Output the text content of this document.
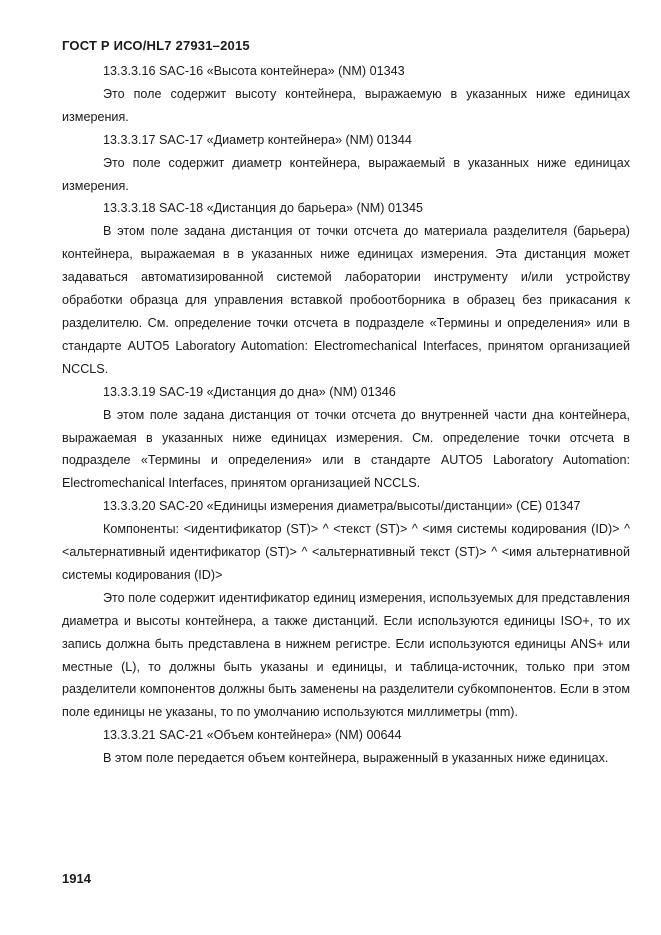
ГОСТ Р ИСО/HL7 27931–2015

13.3.3.16 SAC-16 «Высота контейнера» (NM) 01343

Это поле содержит высоту контейнера, выражаемую в указанных ниже единицах измерения.

13.3.3.17 SAC-17 «Диаметр контейнера» (NM) 01344

Это поле содержит диаметр контейнера, выражаемый в указанных ниже единицах измерения.

13.3.3.18 SAC-18 «Дистанция до барьера» (NM) 01345

В этом поле задана дистанция от точки отсчета до материала разделителя (барьера) контейнера, выражаемая в в указанных ниже единицах измерения. Эта дистанция может задаваться автоматизированной системой лаборатории инструменту и/или устройству обработки образца для управления вставкой пробоотборника в образец без прикасания к разделителю. См. определение точки отсчета в подразделе «Термины и определения» или в стандарте AUTO5 Laboratory Automation: Electromechanical Interfaces, принятом организацией NCCLS.

13.3.3.19 SAC-19 «Дистанция до дна» (NM) 01346

В этом поле задана дистанция от точки отсчета до внутренней части дна контейнера, выражаемая в указанных ниже единицах измерения. См. определение точки отсчета в подразделе «Термины и определения» или в стандарте AUTO5 Laboratory Automation: Electromechanical Interfaces, принятом организацией NCCLS.

13.3.3.20 SAC-20 «Единицы измерения диаметра/высоты/дистанции» (CE) 01347

Компоненты: <идентификатор (ST)> ^ <текст (ST)> ^ <имя системы кодирования (ID)> ^ <альтернативный идентификатор (ST)> ^ <альтернативный текст (ST)> ^ <имя альтернативной системы кодирования (ID)>

Это поле содержит идентификатор единиц измерения, используемых для представления диаметра и высоты контейнера, а также дистанций. Если используются единицы ISO+, то их запись должна быть представлена в нижнем регистре. Если используются единицы ANS+ или местные (L), то должны быть указаны и единицы, и таблица-источник, только при этом разделители компонентов должны быть заменены на разделители субкомпонентов. Если в этом поле единицы не указаны, то по умолчанию используются миллиметры (mm).

13.3.3.21 SAC-21 «Объем контейнера» (NM) 00644

В этом поле передается объем контейнера, выраженный в указанных ниже единицах.

1914
